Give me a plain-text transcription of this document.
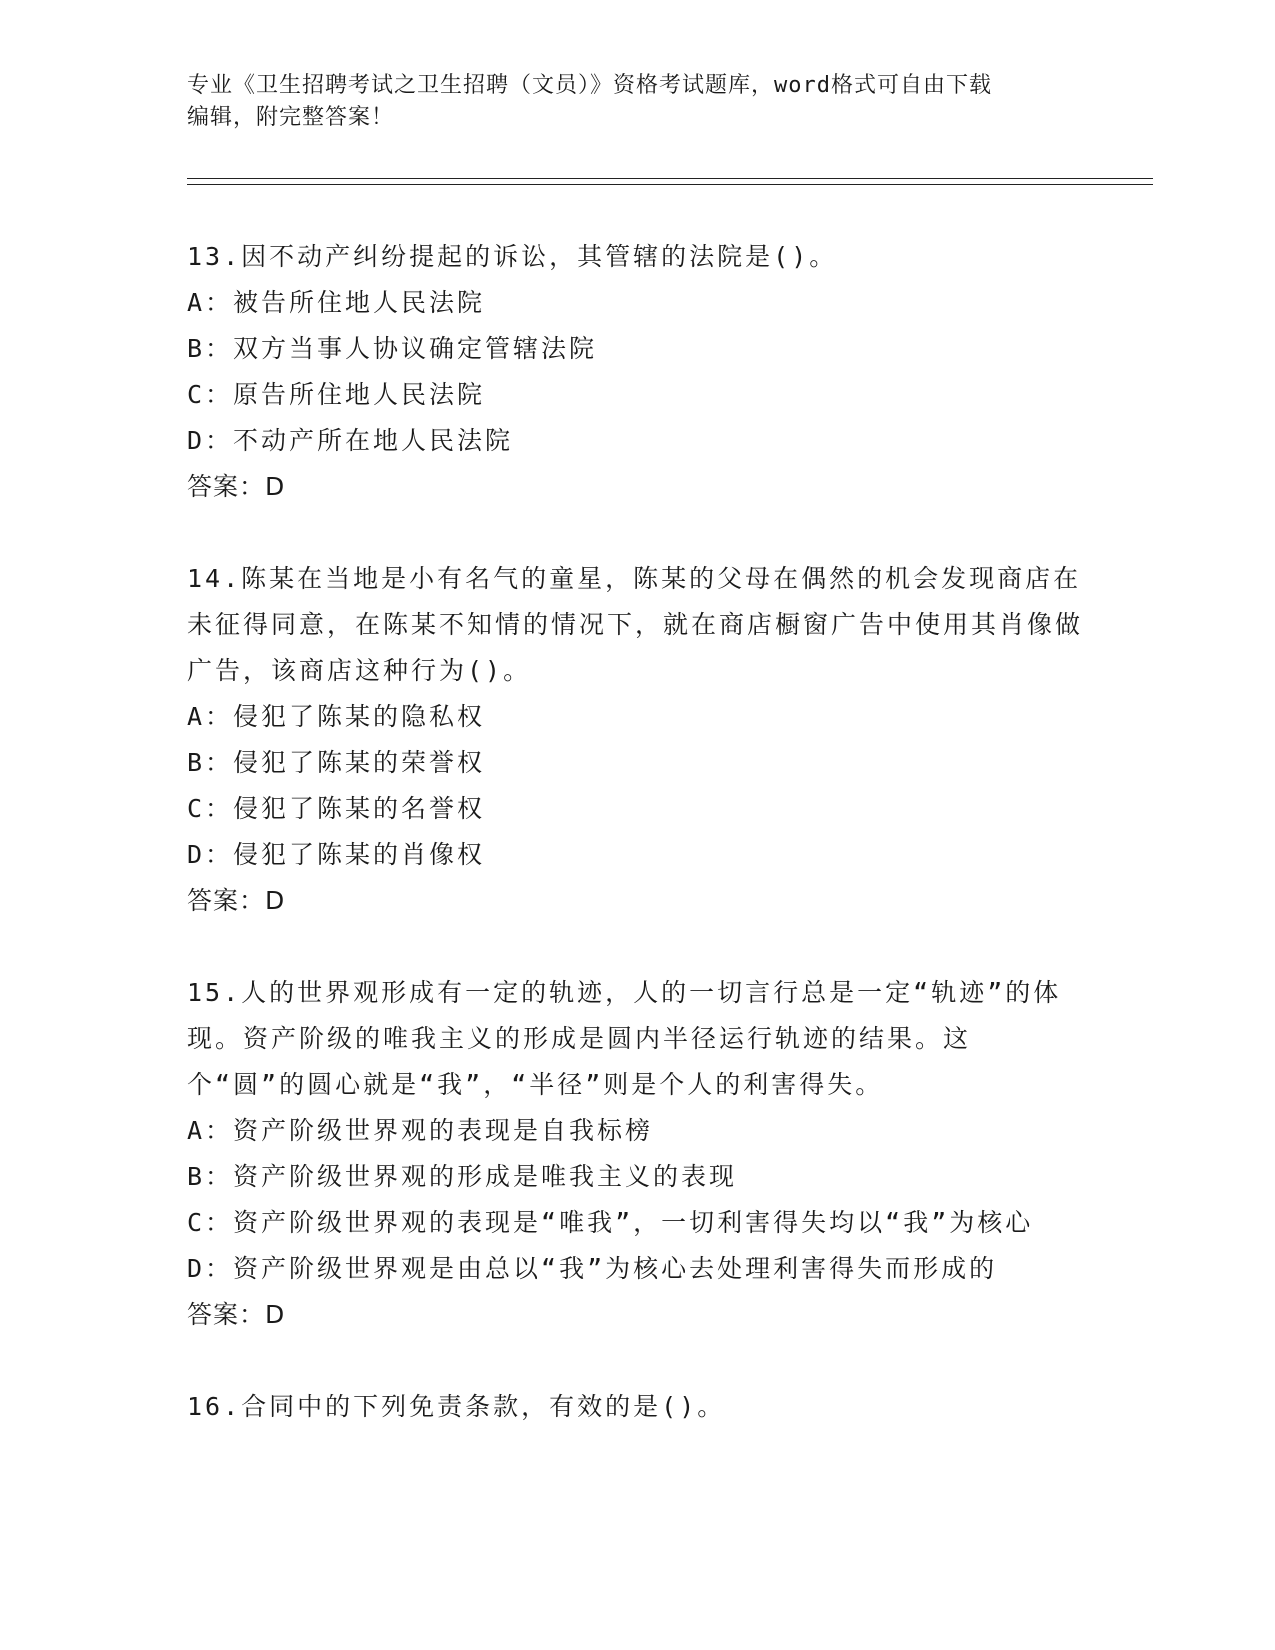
专业《卫生招聘考试之卫生招聘（文员）》资格考试题库，word格式可自由下载
编辑，附完整答案！

13.因不动产纠纷提起的诉讼，其管辖的法院是()。

A：被告所住地人民法院

B：双方当事人协议确定管辖法院

C：原告所住地人民法院

D：不动产所在地人民法院

答案：D

14.陈某在当地是小有名气的童星，陈某的父母在偶然的机会发现商店在未征得同意，在陈某不知情的情况下，就在商店橱窗广告中使用其肖像做广告，该商店这种行为()。

A：侵犯了陈某的隐私权

B：侵犯了陈某的荣誉权

C：侵犯了陈某的名誉权

D：侵犯了陈某的肖像权

答案：D

15.人的世界观形成有一定的轨迹，人的一切言行总是一定“轨迹”的体现。资产阶级的唯我主义的形成是圆内半径运行轨迹的结果。这个“圆”的圆心就是“我”，“半径”则是个人的利害得失。

A：资产阶级世界观的表现是自我标榜

B：资产阶级世界观的形成是唯我主义的表现

C：资产阶级世界观的表现是“唯我”，一切利害得失均以“我”为核心

D：资产阶级世界观是由总以“我”为核心去处理利害得失而形成的

答案：D

16.合同中的下列免责条款，有效的是()。
